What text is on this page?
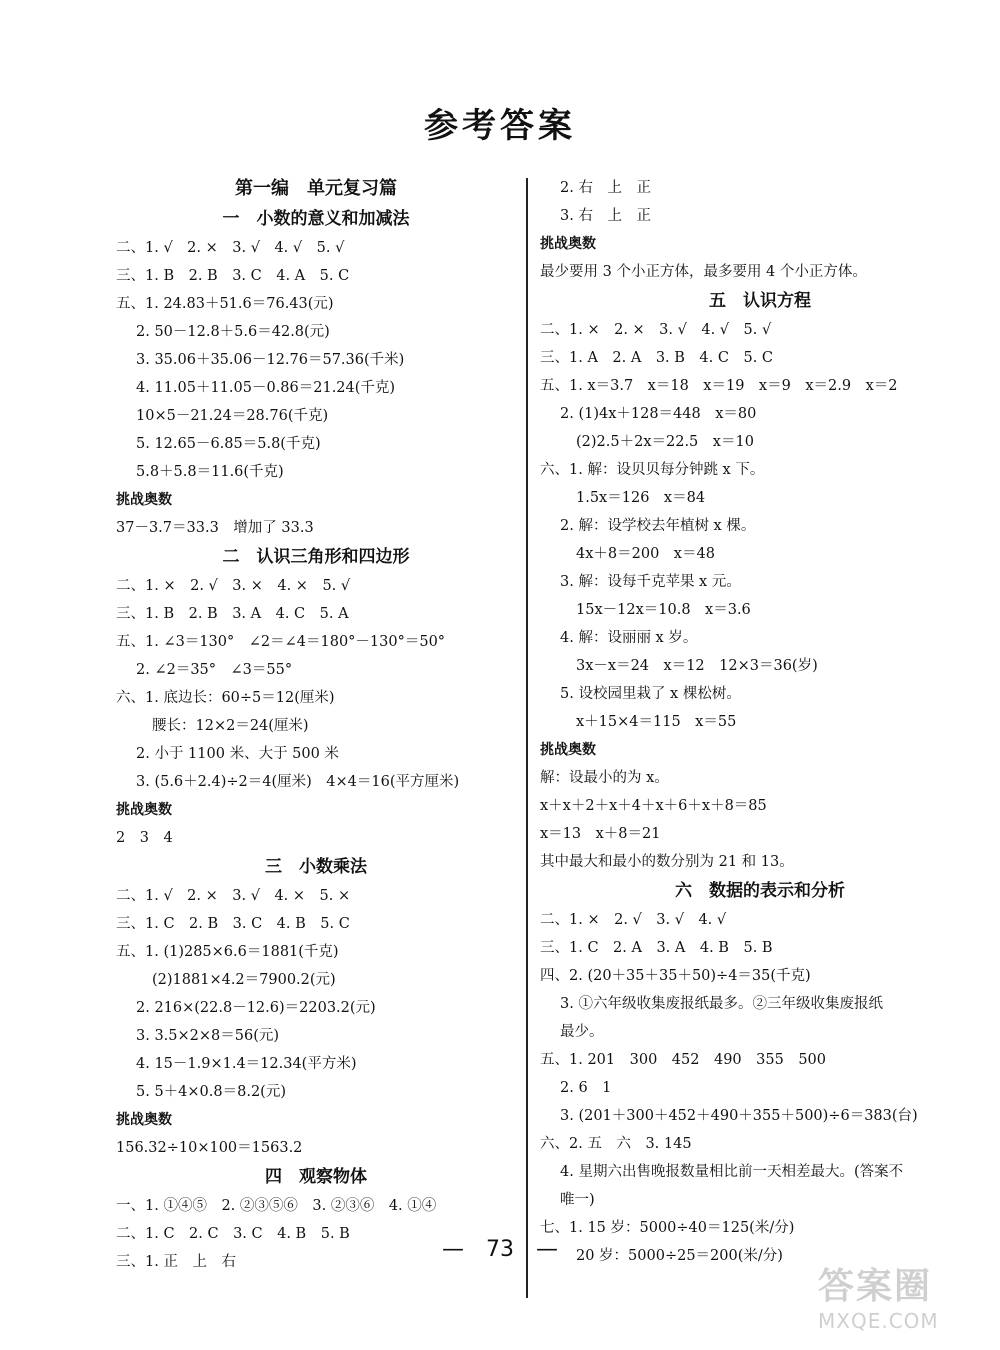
参考答案
第一编　单元复习篇
一　小数的意义和加减法
二、1. √　2. ×　3. √　4. √　5. √
三、1. B　2. B　3. C　4. A　5. C
五、1. 24.83＋51.6＝76.43(元)
2. 50－12.8＋5.6＝42.8(元)
3. 35.06＋35.06－12.76＝57.36(千米)
4. 11.05＋11.05－0.86＝21.24(千克)
10×5－21.24＝28.76(千克)
5. 12.65－6.85＝5.8(千克)
5.8＋5.8＝11.6(千克)
挑战奥数
37－3.7＝33.3　增加了 33.3
二　认识三角形和四边形
二、1. ×　2. √　3. ×　4. ×　5. √
三、1. B　2. B　3. A　4. C　5. A
五、1. ∠3＝130°　∠2＝∠4＝180°－130°＝50°
2. ∠2＝35°　∠3＝55°
六、1. 底边长：60÷5＝12(厘米)
腰长：12×2＝24(厘米)
2. 小于 1100 米、大于 500 米
3. (5.6＋2.4)÷2＝4(厘米)　4×4＝16(平方厘米)
挑战奥数
2　3　4
三　小数乘法
二、1. √　2. ×　3. √　4. ×　5. ×
三、1. C　2. B　3. C　4. B　5. C
五、1. (1)285×6.6＝1881(千克)
(2)1881×4.2＝7900.2(元)
2. 216×(22.8－12.6)＝2203.2(元)
3. 3.5×2×8＝56(元)
4. 15－1.9×1.4＝12.34(平方米)
5. 5＋4×0.8＝8.2(元)
挑战奥数
156.32÷10×100＝1563.2
四　观察物体
一、1. ①④⑤　2. ②③⑤⑥　3. ②③⑥　4. ①④
二、1. C　2. C　3. C　4. B　5. B
三、1. 正　上　右
2. 右　上　正
3. 右　上　正
挑战奥数
最少要用 3 个小正方体，最多要用 4 个小正方体。
五　认识方程
二、1. ×　2. ×　3. √　4. √　5. √
三、1. A　2. A　3. B　4. C　5. C
五、1. x＝3.7　x＝18　x＝19　x＝9　x＝2.9　x＝2
2. (1)4x＋128＝448　x＝80
(2)2.5＋2x＝22.5　x＝10
六、1. 解：设贝贝每分钟跳 x 下。
1.5x＝126　x＝84
2. 解：设学校去年植树 x 棵。
4x＋8＝200　x＝48
3. 解：设每千克苹果 x 元。
15x－12x＝10.8　x＝3.6
4. 解：设丽丽 x 岁。
3x－x＝24　x＝12　12×3＝36(岁)
5. 设校园里栽了 x 棵松树。
x＋15×4＝115　x＝55
挑战奥数
解：设最小的为 x。
x＋x＋2＋x＋4＋x＋6＋x＋8＝85
x＝13　x＋8＝21
其中最大和最小的数分别为 21 和 13。
六　数据的表示和分析
二、1. ×　2. √　3. √　4. √
三、1. C　2. A　3. A　4. B　5. B
四、2. (20＋35＋35＋50)÷4＝35(千克)
3. ①六年级收集废报纸最多。②三年级收集废报纸
最少。
五、1. 201　300　452　490　355　500
2. 6　1
3. (201＋300＋452＋490＋355＋500)÷6＝383(台)
六、2. 五　六　3. 145
4. 星期六出售晚报数量相比前一天相差最大。(答案不
唯一)
七、1. 15 岁：5000÷40＝125(米/分)
20 岁：5000÷25＝200(米/分)
—　73　—
答案圈
MXQE.COM
